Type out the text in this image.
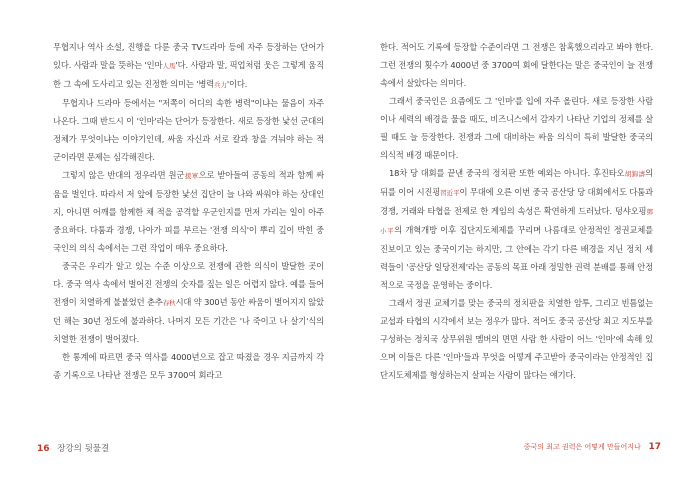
무협지나 역사 소설, 진행을 다룬 중국 TV드라마 등에 자주 등장하는 단어가 있다. 사람과 말을 뜻하는 '인마人馬'다. 사람과 말, 픽업처럼 웃은 그렇게 움직한 그 속에 도사리고 있는 진정한 의미는 '병력兵力'이다.

무협지나 드라마 등에서는 "저쪽이 어디의 속한 병력"이냐는 물음이 자주 나온다. 그때 반드시 이 '인마'라는 단어가 등장한다. 새로 등장한 낯선 군대의 정체가 무엇이냐는 이야기인데, 싸움 자신과 서로 칼과 창을 겨눠야 하는 적군이라면 문제는 심각해진다.

그렇지 않은 반대의 정우라면 원군援軍으로 받아들여 공동의 적과 함께 싸움을 벌인다. 따라서 저 앞에 등장한 낯선 집단이 늘 나와 싸워야 하는 상대인지, 아니면 어깨를 함께한 채 적을 공격할 우군인지를 먼저 가리는 일이 아주 중요하다. 다툼과 경쟁, 나아가 피를 부르는 '전쟁 의식'이 뿌리 깊이 박힌 중국인의 의식 속에서는 그런 작업이 매우 중요하다.

중국은 우리가 알고 있는 수준 이상으로 전쟁에 관한 의식이 발달한 곳이다. 중국 역사 속에서 벌어진 전쟁의 숫자를 짚는 일은 어렵지 않다. 예를 들어 전쟁이 치열하게 불붙었던 춘추春秋시대 약 300년 동안 싸움이 벌어지지 않았던 해는 30년 정도에 불과하다. 나머지 모든 기간은 '나 죽이고 나 살기'식의 치열한 전쟁이 벌어졌다.

한 통계에 따르면 중국 역사를 4000년으로 잡고 따졌을 경우 지금까지 각종 기록으로 나타난 전쟁은 모두 3700여 회라고

16 장강의 뒷물결

한다. 적어도 기록에 등장할 수준이라면 그 전쟁은 참혹했으리라고 봐야 한다. 그런 전쟁의 횟수가 4000년 중 3700여 회에 달한다는 말은 중국인이 늘 전쟁 속에서 살았다는 의미다.

그래서 중국인은 요즘에도 그 '인마'를 입에 자주 올린다. 새로 등장한 사람이나 세력의 배경을 물을 때도, 비즈니스에서 감자기 나타난 기업의 정체를 살필 때도 늘 등장한다. 전쟁과 그에 대비하는 싸움 의식이 특히 발달한 중국의 의식적 배경 때문이다.

18차 당 대회를 끝낸 중국의 정치판 또한 예외는 아니다. 후진타오胡錦濤의 뒤를 이어 시진핑習近平이 무대에 오른 이번 중국 공산당 당 대회에서도 다툼과 경쟁, 거래와 타협을 전제로 한 게임의 속성은 확연하게 드러났다. 덩샤오핑鄧小平의 개혁개방 이후 집단지도체제를 꾸리며 나름대로 안정적인 정권교체를 진보이고 있는 중국이기는 하지만, 그 안에는 각기 다른 배경을 지닌 정치 세력들이 '공산당 일당전제'라는 공동의 목표 아래 정밀한 권력 분배를 통해 안정적으로 국정을 운영하는 중이다.

그래서 정권 교체기를 맞는 중국의 정치판을 치열한 암투, 그리고 빈틈없는 교섭과 타협의 시각에서 보는 정우가 많다. 적어도 중국 공산당 최고 지도부를 구성하는 정치국 상무위원 멤버의 면면 사람 한 사람이 어느 '인마'에 속해 있으며 이들은 다른 '인마'들과 무엇을 어떻게 주고받아 중국이라는 안정적인 집단지도체제를 형성하는지 살피는 사람이 많다는 얘기다.

중국의 최고 권력은 어떻게 만들어지나 17
